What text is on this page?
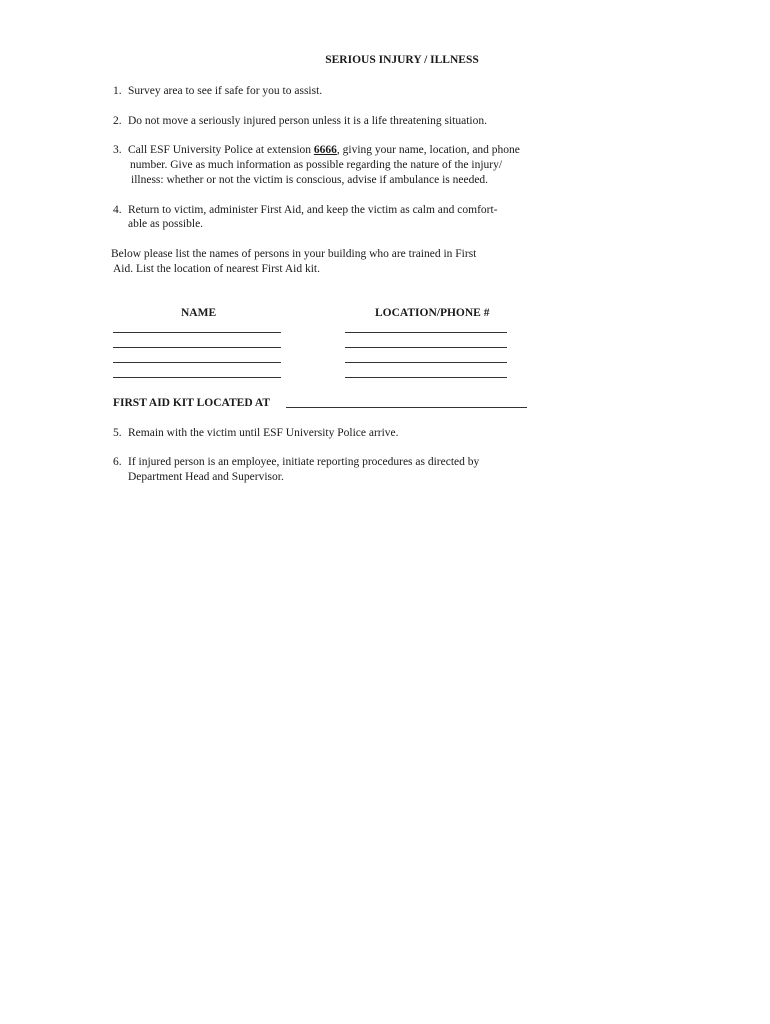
SERIOUS INJURY / ILLNESS
1. Survey area to see if safe for you to assist.
2. Do not move a seriously injured person unless it is a life threatening situation.
3. Call ESF University Police at extension 6666, giving your name, location, and phone
number. Give as much information as possible regarding the nature of the injury/
illness: whether or not the victim is conscious, advise if ambulance is needed.
4. Return to victim, administer First Aid, and keep the victim as calm and comfort-
able as possible.
Below please list the names of persons in your building who are trained in First
Aid. List the location of nearest First Aid kit.
NAME	LOCATION/PHONE #
FIRST AID KIT LOCATED AT
5. Remain with the victim until ESF University Police arrive.
6. If injured person is an employee, initiate reporting procedures as directed by
Department Head and Supervisor.
